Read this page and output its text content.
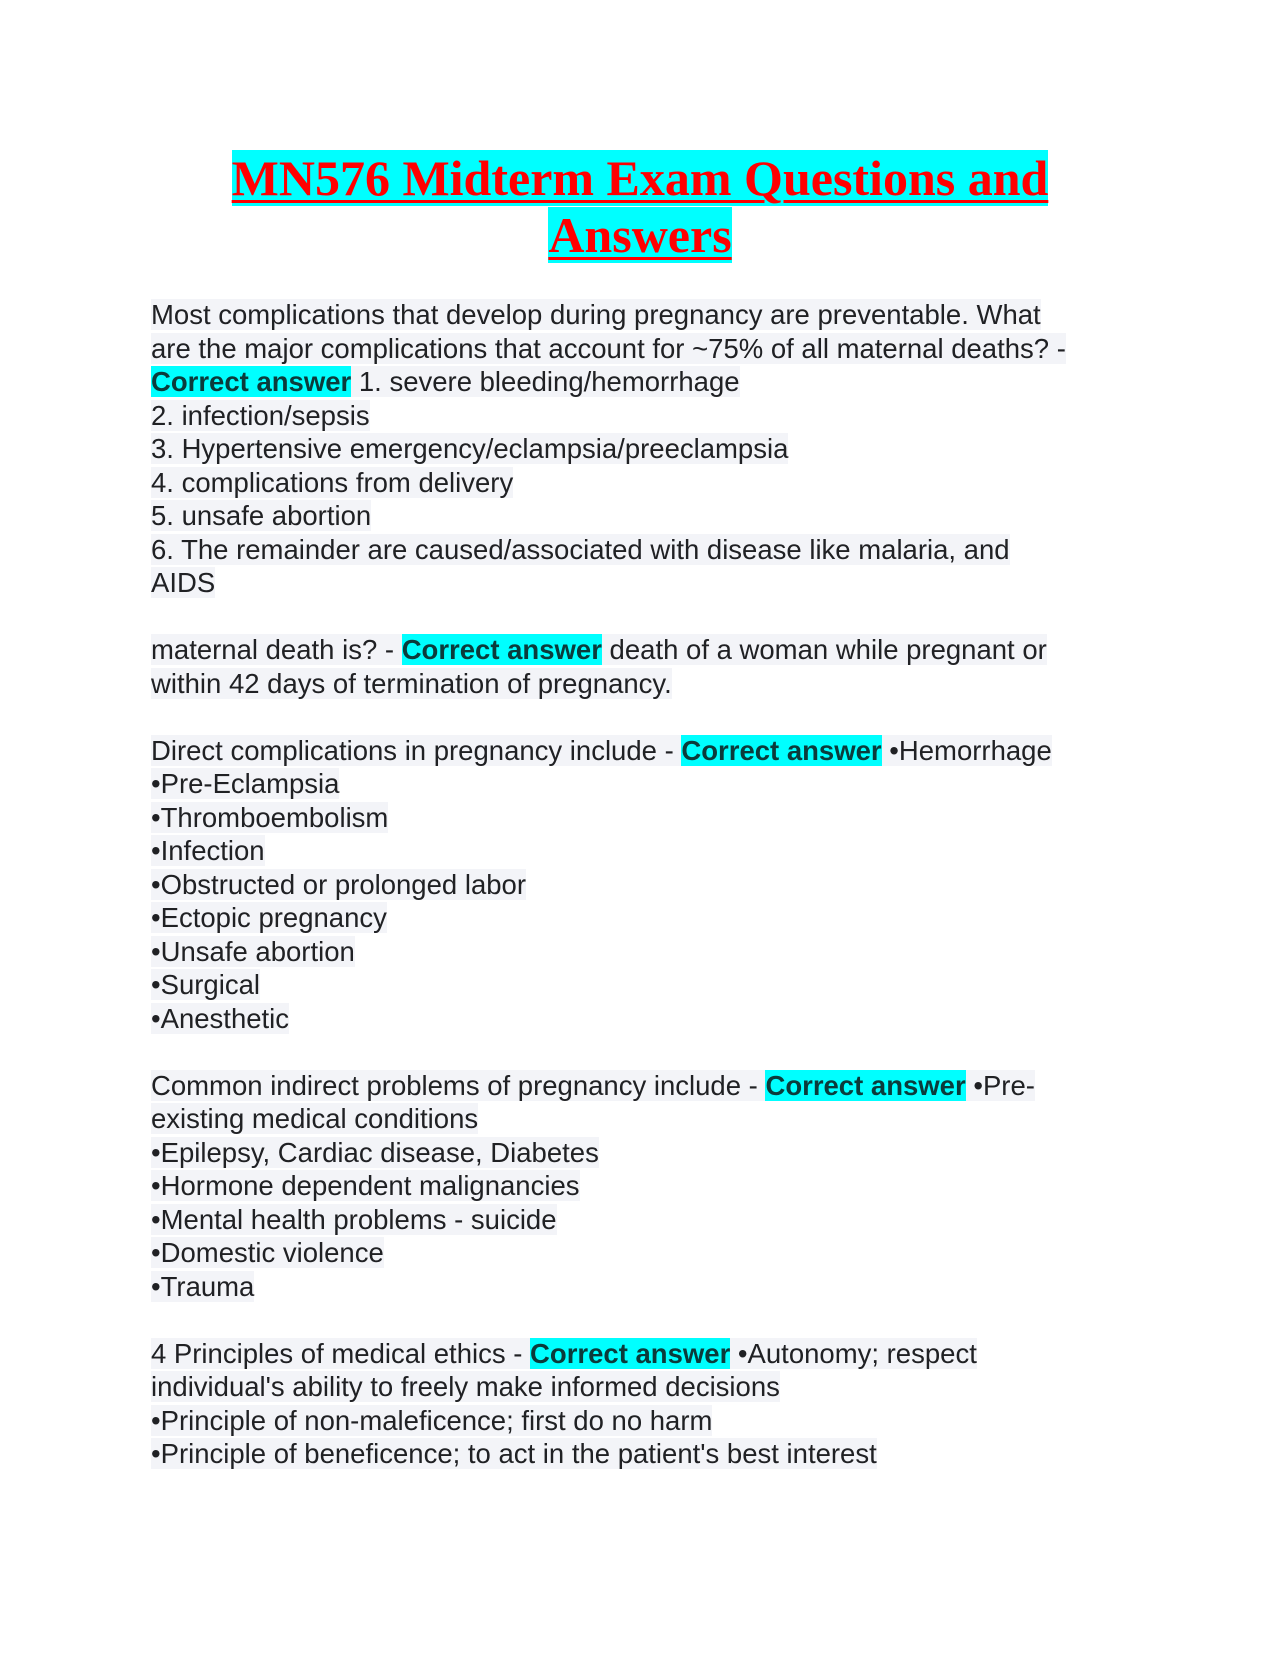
MN576 Midterm Exam Questions and
Answers
Most complications that develop during pregnancy are preventable. What
are the major complications that account for ~75% of all maternal deaths? -
Correct answer 1. severe bleeding/hemorrhage
2. infection/sepsis
3. Hypertensive emergency/eclampsia/preeclampsia
4. complications from delivery
5. unsafe abortion
6. The remainder are caused/associated with disease like malaria, and
AIDS
maternal death is? - Correct answer death of a woman while pregnant or
within 42 days of termination of pregnancy.
Direct complications in pregnancy include - Correct answer •Hemorrhage
•Pre-Eclampsia
•Thromboembolism
•Infection
•Obstructed or prolonged labor
•Ectopic pregnancy
•Unsafe abortion
•Surgical
•Anesthetic
Common indirect problems of pregnancy include - Correct answer •Pre-
existing medical conditions
•Epilepsy, Cardiac disease, Diabetes
•Hormone dependent malignancies
•Mental health problems - suicide
•Domestic violence
•Trauma
4 Principles of medical ethics - Correct answer •Autonomy; respect
individual's ability to freely make informed decisions
•Principle of non-maleficence; first do no harm
•Principle of beneficence; to act in the patient's best interest
